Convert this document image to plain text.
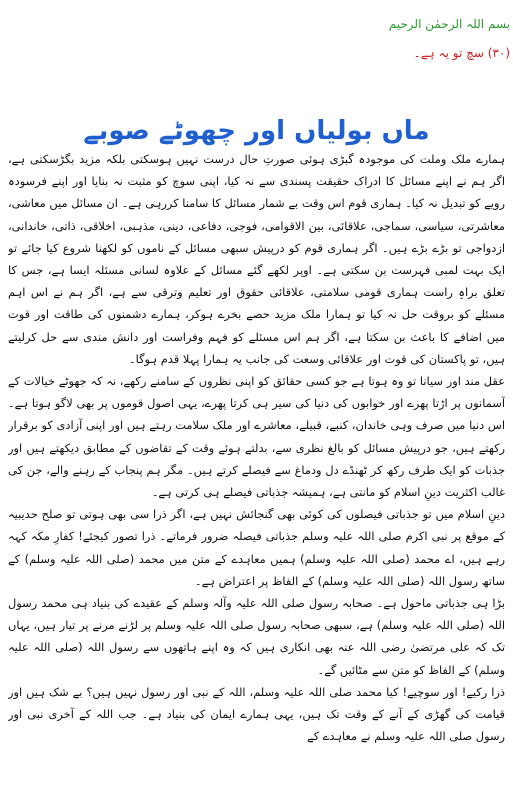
بسم اللہ الرحمٰن الرحیم
(۳۰) سچ تو یہ ہے۔
ماں بولیاں اور چھوٹے صوبے

ہمارے ملک وملت کی موجودہ گبڑی ہوئی صورتِ حال درست نہیں ہوسکتی بلکہ مزید بگڑسکتی ہے، اگر ہم نے اپنے مسائل کا ادراک حقیقت پسندی سے نہ کیا، اپنی سوچ کو مثبت نہ بنایا اور اپنے فرسودہ رویے کو تبدیل نہ کیا۔ ہماری قوم اس وقت بے شمار مسائل کا سامنا کررہی ہے۔ ان مسائل میں معاشی، معاشرتی، سیاسی، سماجی، علاقائی، بین الاقوامی، فوجی، دفاعی، دینی، مذہبی، اخلاقی، ذاتی، خاندانی، ازدواجی تو بڑے بڑے ہیں۔ اگر ہماری قوم کو درپیش سبھی مسائل کے ناموں کو لکھنا شروع کیا جائے تو ایک بہت لمبی فہرست بن سکتی ہے۔ اوپر لکھے گئے مسائل کے علاوہ لسانی مسئلہ ایسا ہے، جس کا تعلق براہِ راست ہماری قومی سلامتی، علاقائی حقوق اور تعلیم وترقی سے ہے، اگر ہم نے اس اہم مسئلے کو بروقت حل نہ کیا تو ہمارا ملک مزید حصے بخرے ہوکر، ہمارے دشمنوں کی طاقت اور قوت میں اضافے کا باعث بن سکتا ہے، اگر ہم اس مسئلے کو فہم وفراست اور دانش مندی سے حل کرلیتے ہیں، تو پاکستان کی قوت اور علاقائی وسعت کی جانب یہ ہمارا پہلا قدم ہوگا۔

عقل مند اور سیانا تو وہ ہوتا ہے جو کسی حقائق کو اپنی نظروں کے سامنے رکھے، نہ کہ جھوٹے خیالات کے آسمانوں پر اڑتا پھرے اور خوابوں کی دنیا کی سیر ہی کرتا پھرے، یہی اصول قوموں پر بھی لاگو ہوتا ہے۔ اس دنیا میں صرف وہی خاندان، کنبے، قبیلے، معاشرے اور ملک سلامت رہتے ہیں اور اپنی آزادی کو برقرار رکھتے ہیں، جو درپیش مسائل کو بالغ نظری سے، بدلتے ہوئے وقت کے تقاضوں کے مطابق دیکھتے ہیں اور جذبات کو ایک طرف رکھ کر ٹھنڈے دل ودماغ سے فیصلے کرتے ہیں۔ مگر ہم پنجاب کے رہنے والے، جن کی غالب اکثریت دینِ اسلام کو مانتی ہے، ہمیشہ جذباتی فیصلے ہی کرتی ہے۔

دینِ اسلام میں تو جذباتی فیصلوں کی کوئی بھی گنجائش نہیں ہے، اگر ذرا سی بھی ہوتی تو صلح حدیبیہ کے موقع پر نبی اکرم صلی اللہ علیہ وسلم جذباتی فیصلہ ضرور فرماتے۔ ذرا تصور کیجئے! کفارِ مکہ کہہ رہے ہیں، اے محمد (صلی اللہ علیہ وسلم) ہمیں معاہدے کے متن میں محمد (صلی اللہ علیہ وسلم) کے ساتھ رسول اللہ (صلی اللہ علیہ وسلم) کے الفاظ پر اعتراض ہے۔

بڑا ہی جذباتی ماحول ہے۔ صحابہ رسول صلی اللہ علیہ وآلہ وسلم کے عقیدے کی بنیاد ہی محمد رسول اللہ (صلی اللہ علیہ وسلم) ہے، سبھی صحابہ رسول صلی اللہ علیہ وسلم پر لڑنے مرنے پر تیار ہیں، یہاں تک کہ علی مرتضیٰ رضی اللہ عنہ بھی انکاری ہیں کہ وہ اپنے ہاتھوں سے رسول اللہ (صلی اللہ علیہ وسلم) کے الفاظ کو متن سے مٹائیں گے۔

ذرا رکیے! اور سوچیے! کیا محمد صلی اللہ علیہ وسلم، اللہ کے نبی اور رسول نہیں ہیں؟ بے شک ہیں اور قیامت کی گھڑی کے آنے کے وقت تک ہیں، یہی ہمارے ایمان کی بنیاد ہے۔ جب اللہ کے آخری نبی اور رسول صلی اللہ علیہ وسلم نے معاہدے کے
